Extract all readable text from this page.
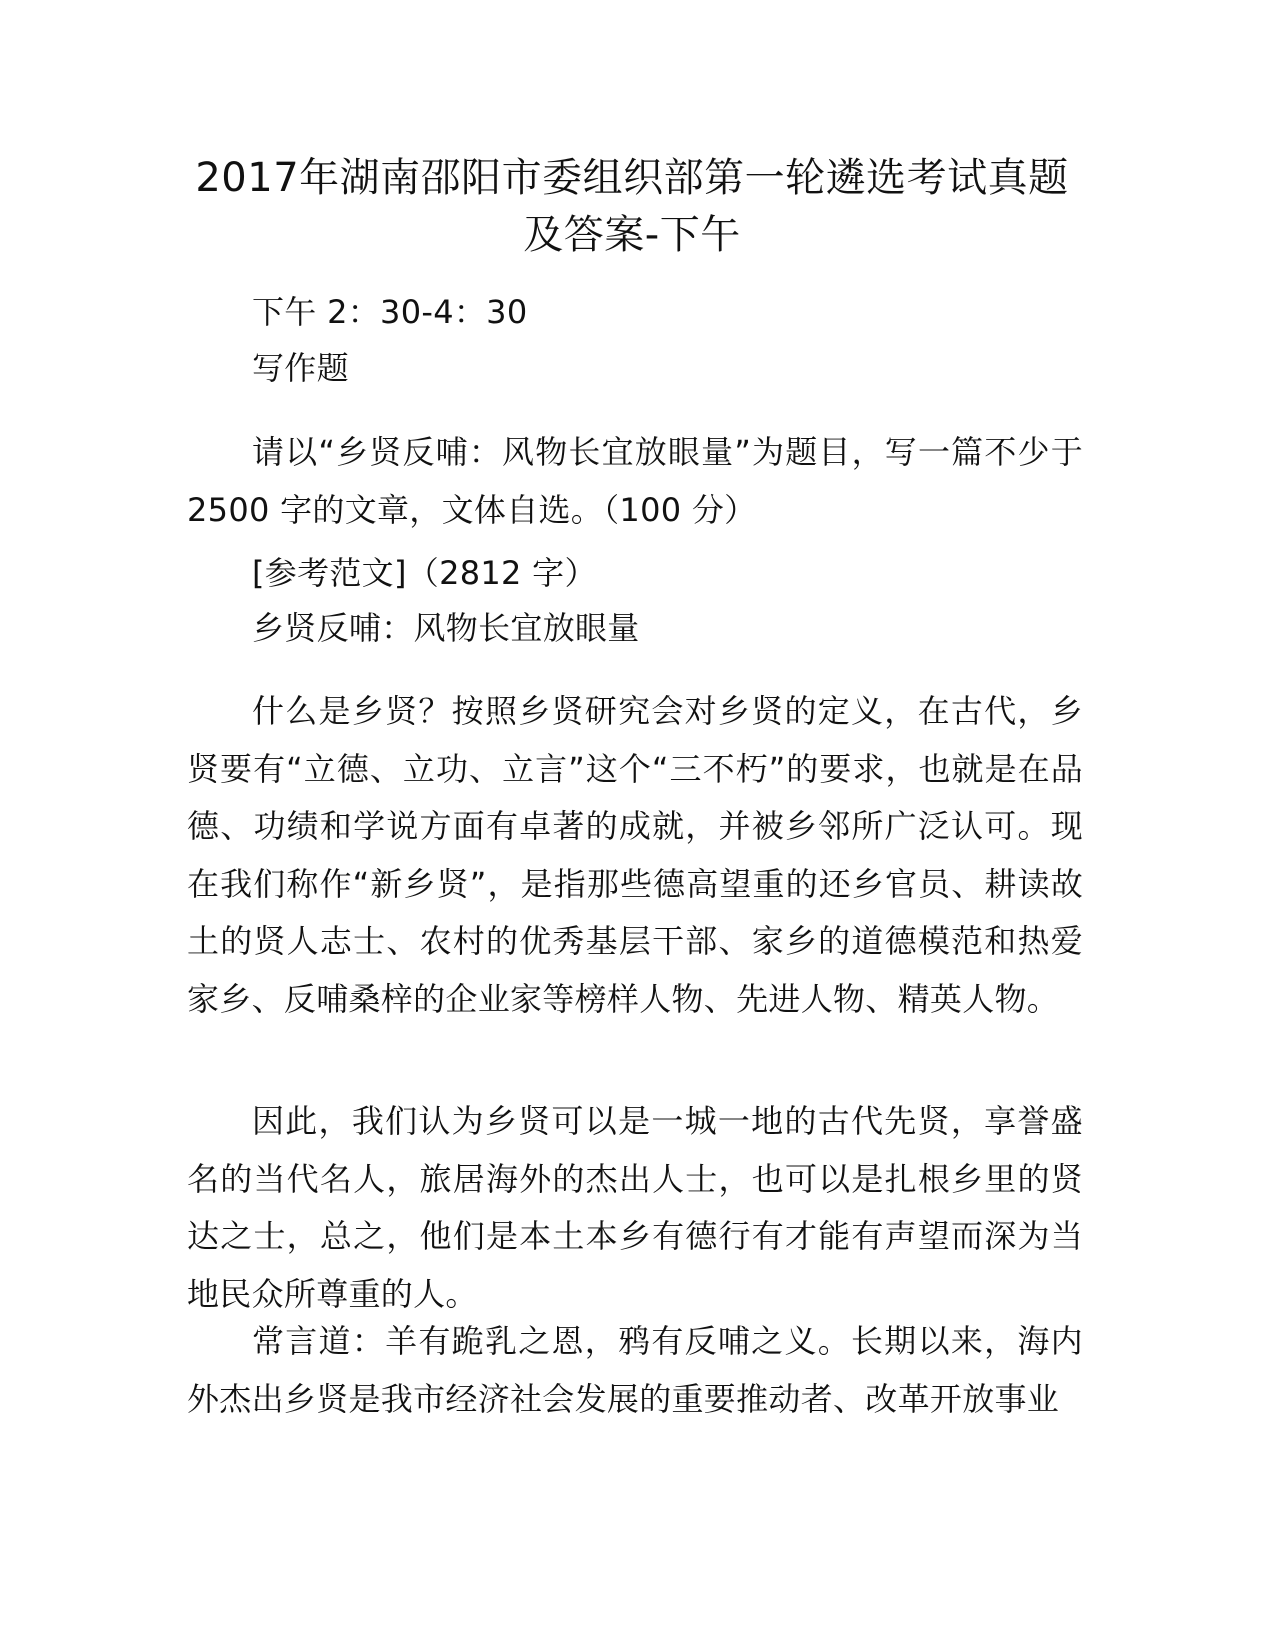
2017年湖南邵阳市委组织部第一轮遴选考试真题及答案-下午

下午 2：30-4：30

写作题

请以“乡贤反哺：风物长宜放眼量”为题目，写一篇不少于 2500 字的文章，文体自选。（100 分）

[参考范文]（2812 字）

乡贤反哺：风物长宜放眼量

什么是乡贤？按照乡贤研究会对乡贤的定义，在古代，乡贤要有“立德、立功、立言”这个“三不朽”的要求，也就是在品德、功绩和学说方面有卓著的成就，并被乡邻所广泛认可。现在我们称作“新乡贤”，是指那些德高望重的还乡官员、耕读故土的贤人志士、农村的优秀基层干部、家乡的道德模范和热爱家乡、反哺桑梓的企业家等榜样人物、先进人物、精英人物。

因此，我们认为乡贤可以是一城一地的古代先贤，享誉盛名的当代名人，旅居海外的杰出人士，也可以是扎根乡里的贤达之士，总之，他们是本土本乡有德行有才能有声望而深为当地民众所尊重的人。

常言道：羊有跪乳之恩，鸦有反哺之义。长期以来，海内外杰出乡贤是我市经济社会发展的重要推动者、改革开放事业
